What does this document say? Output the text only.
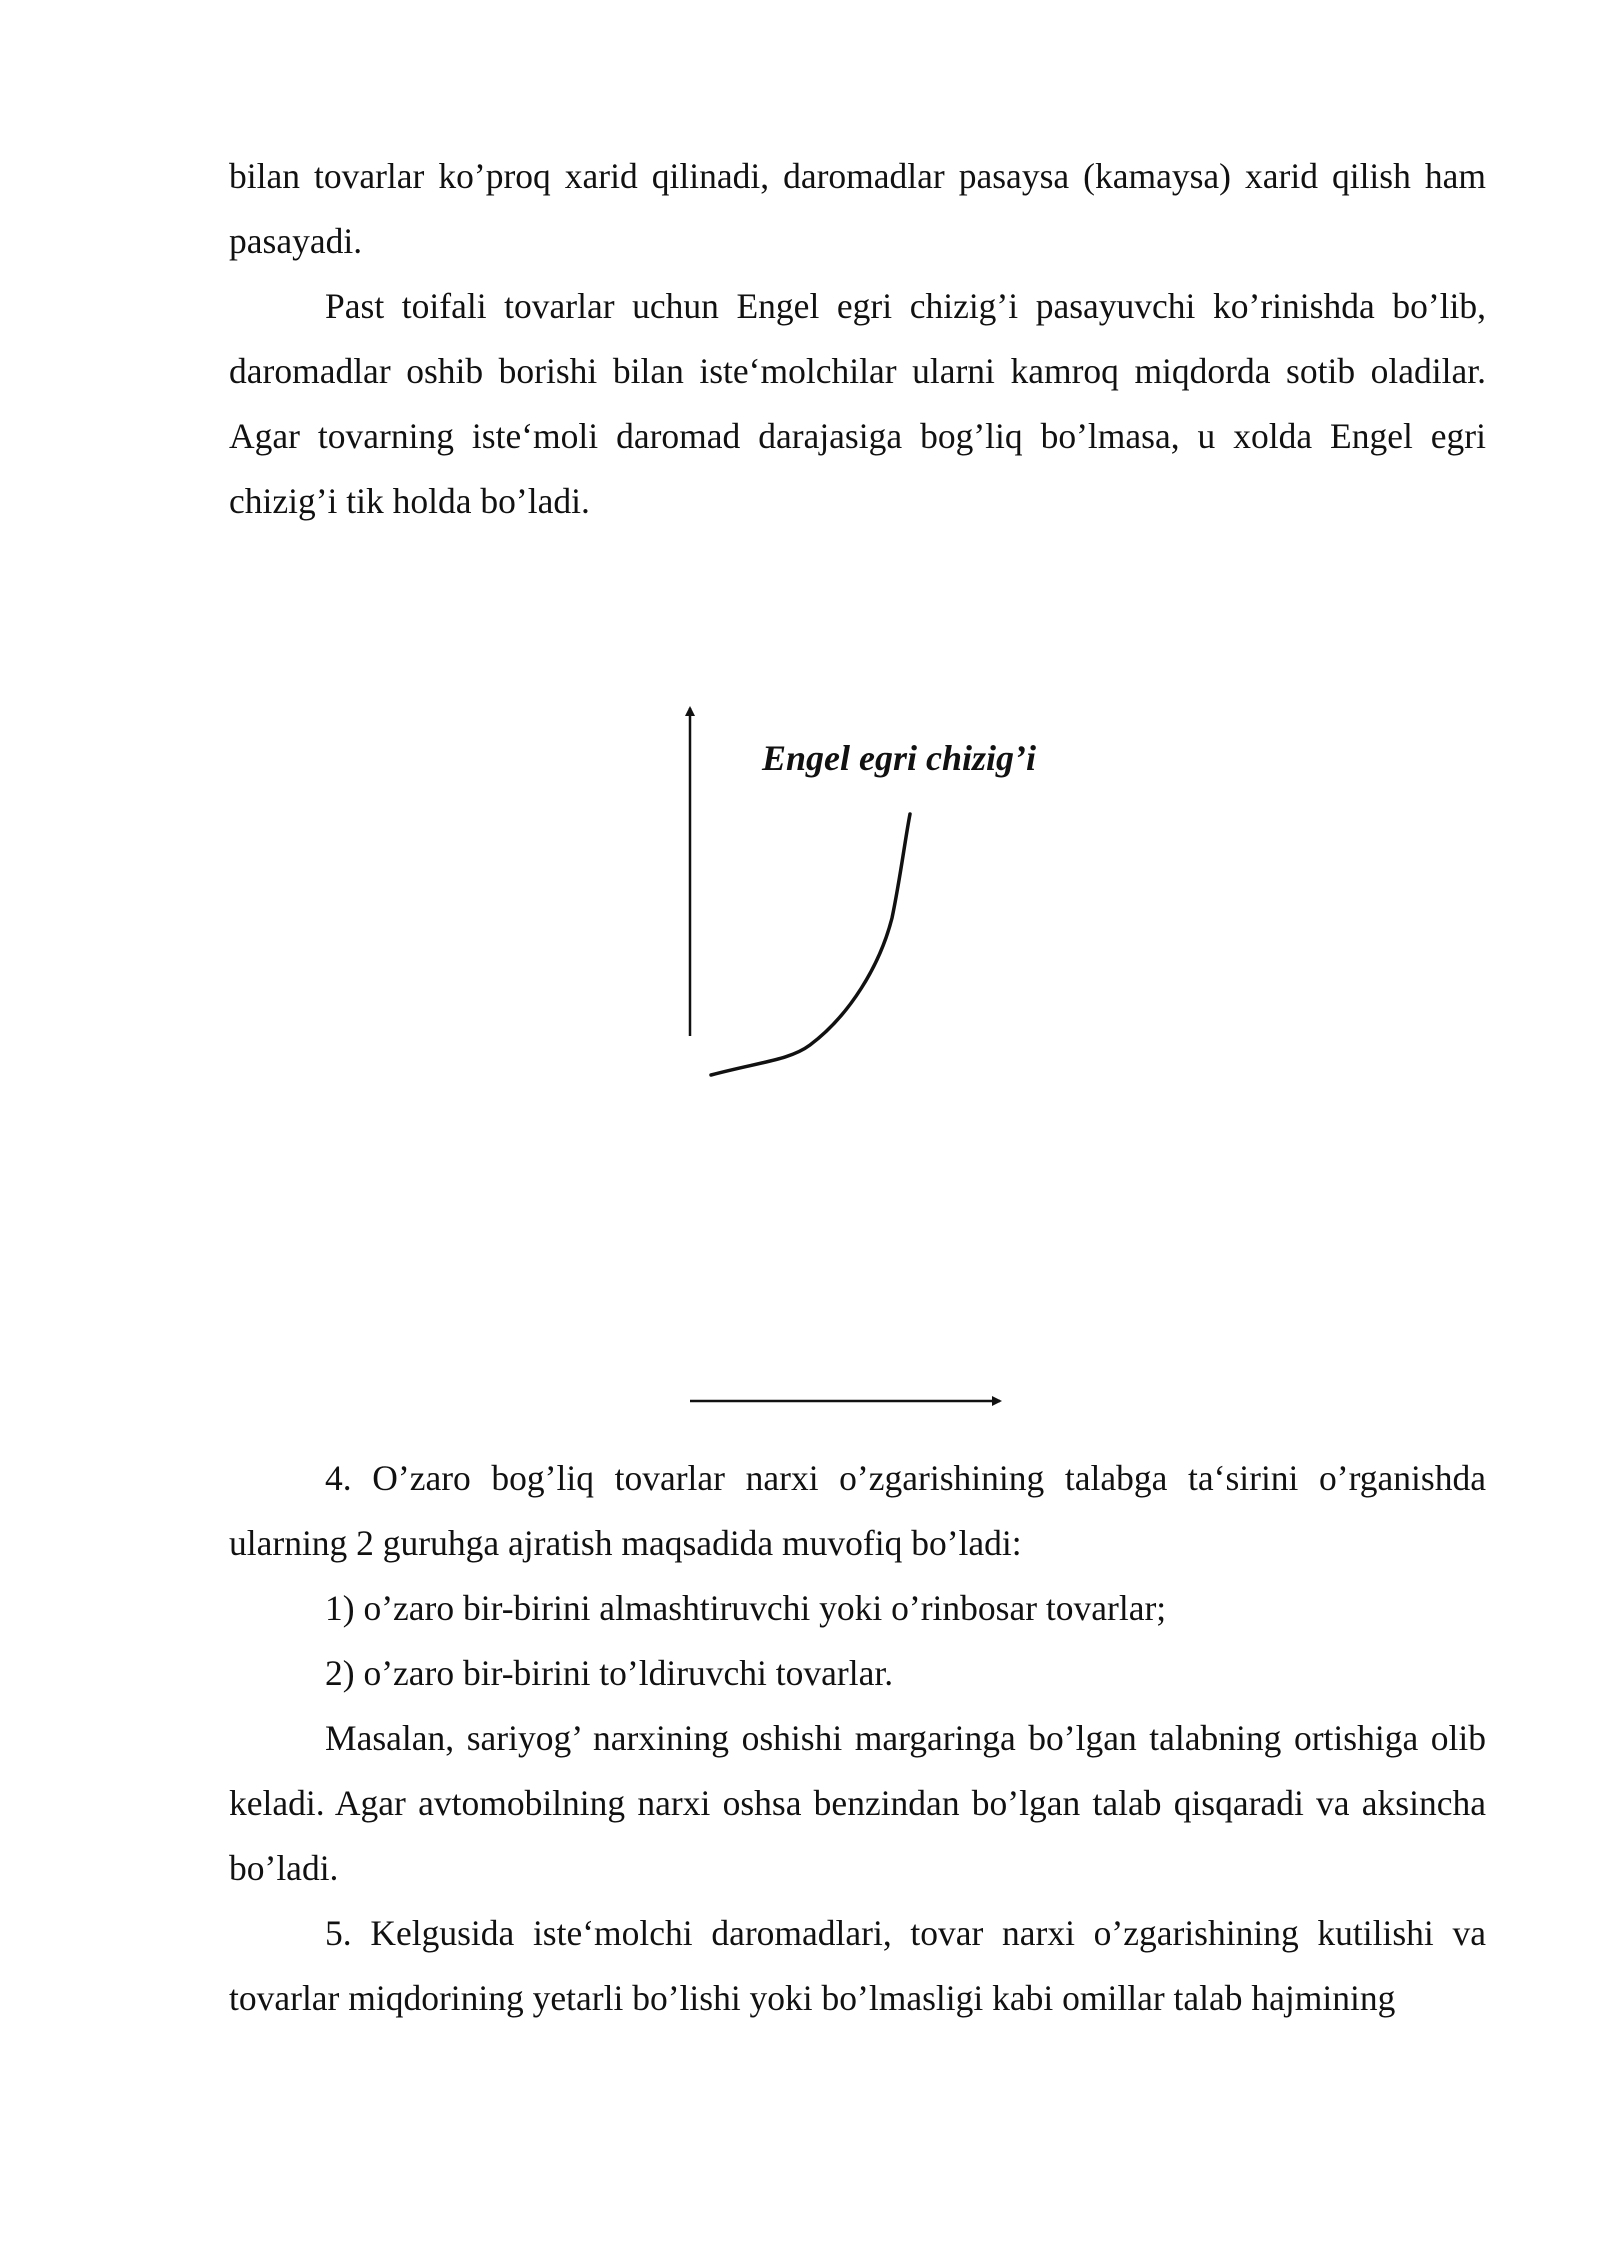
bilan tovarlar ko’proq xarid qilinadi, daromadlar pasaysa (kamaysa) xarid qilish ham pasayadi.

Past toifali tovarlar uchun Engel egri chizig’i pasayuvchi ko’rinishda bo’lib, daromadlar oshib borishi bilan iste‘molchilar ularni kamroq miqdorda sotib oladilar. Agar tovarning iste‘moli daromad darajasiga bog’liq bo’lmasa, u xolda Engel egri chizig’i tik holda bo’ladi.

Engel egri chizig’i

4. O’zaro bog’liq tovarlar narxi o’zgarishining talabga ta‘sirini o’rganishda ularning 2 guruhga ajratish maqsadida muvofiq bo’ladi:

1) o’zaro bir-birini almashtiruvchi yoki o’rinbosar tovarlar;

2) o’zaro bir-birini to’ldiruvchi tovarlar.

Masalan, sariyog’ narxining oshishi margaringa bo’lgan talabning ortishiga olib keladi. Agar avtomobilning narxi oshsa benzindan bo’lgan talab qisqaradi va aksincha bo’ladi.

5. Kelgusida iste‘molchi daromadlari, tovar narxi o’zgarishining kutilishi va tovarlar miqdorining yetarli bo’lishi yoki bo’lmasligi kabi omillar talab hajmining
